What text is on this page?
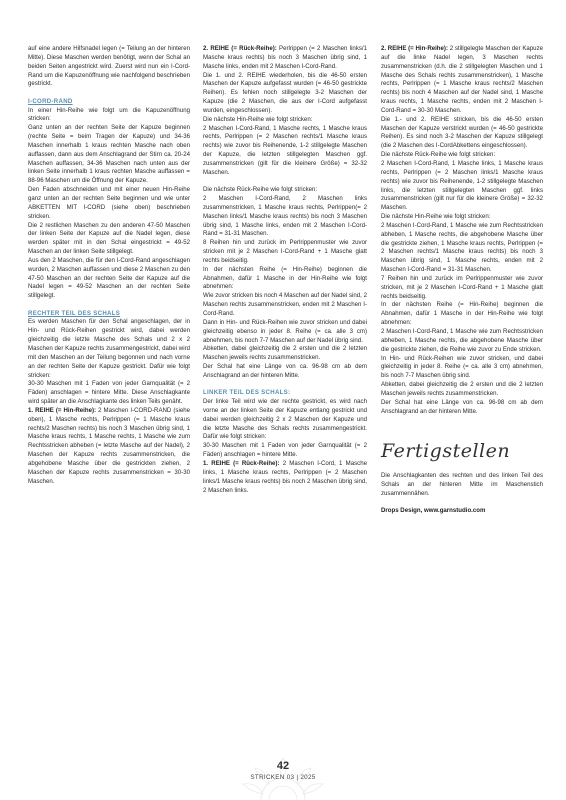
auf eine andere Hilfsnadel legen (= Teilung an der hinteren Mitte). Diese Maschen werden benötigt, wenn der Schal an beiden Seiten angestrickt wird. Zuerst wird nun ein I-Cord-Rand um die Kapuzenöffnung wie nachfolgend beschrieben gestrickt.

I-CORD-RAND

In einer Hin-Reihe wie folgt um die Kapuzenöffnung stricken:

Ganz unten an der rechten Seite der Kapuze beginnen (rechte Seite = beim Tragen der Kapuze) und 34-36 Maschen innerhalb 1 kraus rechten Masche nach oben auffassen, dann aus dem Anschlagrand der Stirn ca. 20-24 Maschen auffassen, 34-36 Maschen nach unten aus der linken Seite innerhalb 1 kraus rechten Masche auffassen = 88-96 Maschen um die Öffnung der Kapuze.

Den Faden abschneiden und mit einer neuen Hin-Reihe ganz unten an der rechten Seite beginnen und wie unter ABKETTEN MIT I-CORD (siehe oben) beschrieben stricken.

Die 2 restlichen Maschen zu den anderen 47-50 Maschen der linken Seite der Kapuze auf die Nadel legen, diese werden später mit in den Schal eingestrickt = 49-52 Maschen an der linken Seite stillgelegt.

Aus den 2 Maschen, die für den I-Cord-Rand angeschlagen wurden, 2 Maschen auffassen und diese 2 Maschen zu den 47-50 Maschen an der rechten Seite der Kapuze auf die Nadel legen = 49-52 Maschen an der rechten Seite stillgelegt.

RECHTER TEIL DES SCHALS

Es werden Maschen für den Schal angeschlagen, der in Hin- und Rück-Reihen gestrickt wird, dabei werden gleichzeitig die letzte Masche des Schals und 2 x 2 Maschen der Kapuze rechts zusammengestrickt, dabei wird mit den Maschen an der Teilung begonnen und nach vorne an der rechten Seite der Kapuze gestrickt. Dafür wie folgt stricken:

30-30 Maschen mit 1 Faden von jeder Garnqualität (= 2 Fäden) anschlagen = hintere Mitte. Diese Anschlagkante wird später an die Anschlagkante des linken Teils genäht.

1. REIHE (= Hin-Reihe): 2 Maschen I-CORD-RAND (siehe oben), 1 Masche rechts, Perlrippen (= 1 Masche kraus rechts/2 Maschen rechts) bis noch 3 Maschen übrig sind, 1 Masche kraus rechts, 1 Masche rechts, 1 Masche wie zum Rechtsstricken abheben (= letzte Masche auf der Nadel), 2 Maschen der Kapuze rechts zusammenstricken, die abgehobene Masche über die gestrickten ziehen, 2 Maschen der Kapuze rechts zusammenstricken = 30-30 Maschen.

2. REIHE (= Rück-Reihe): Perlrippen (= 2 Maschen links/1 Masche kraus rechts) bis noch 3 Maschen übrig sind, 1 Masche links, enden mit 2 Maschen I-Cord-Rand.

Die 1. und 2. REIHE wiederholen, bis die 46-50 ersten Maschen der Kapuze aufgefasst wurden (= 46-50 gestrickte Reihen). Es fehlen noch stillgelegte 3-2 Maschen der Kapuze (die 2 Maschen, die aus der I-Cord aufgefasst wurden, eingeschlossen).

Die nächste Hin-Reihe wie folgt stricken:

2 Maschen I-Cord-Rand, 1 Masche rechts, 1 Masche kraus rechts, Perlrippen (= 2 Maschen rechts/1 Masche kraus rechts) wie zuvor bis Reihenende, 1-2 stillgelegte Maschen der Kapuze, die letzten stillgelegten Maschen ggf. zusammenstricken (gilt für die kleinere Größe) = 32-32 Maschen.

Die nächste Rück-Reihe wie folgt stricken:

2 Maschen I-Cord-Rand, 2 Maschen links zusammenstricken, 1 Masche kraus rechts, Perlrippen(= 2 Maschen links/1 Masche kraus rechts) bis noch 3 Maschen übrig sind, 1 Masche links, enden mit 2 Maschen I-Cord-Rand = 31-31 Maschen.

8 Reihen hin und zurück im Perlrippenmuster wie zuvor stricken mit je 2 Maschen I-Cord-Rand + 1 Masche glatt rechts beidseitig.

In der nächsten Reihe (= Hin-Reihe) beginnen die Abnahmen, dafür 1 Masche in der Hin-Reihe wie folgt abnehmen:

Wie zuvor stricken bis noch 4 Maschen auf der Nadel sind, 2 Maschen rechts zusammenstricken, enden mit 2 Maschen I-Cord-Rand.

Dann in Hin- und Rück-Reihen wie zuvor stricken und dabei gleichzeitig ebenso in jeder 8. Reihe (= ca. alle 3 cm) abnehmen, bis noch 7-7 Maschen auf der Nadel übrig sind.

Abketten, dabei gleichzeitig die 2 ersten und die 2 letzten Maschen jeweils rechts zusammenstricken.

Der Schal hat eine Länge von ca. 96-98 cm ab dem Anschlagrand an der hinteren Mitte.

LINKER TEIL DES SCHALS:

Der linke Teil wird wie der rechte gestrickt, es wird nach vorne an der linken Seite der Kapuze entlang gestrickt und dabei werden gleichzeitig 2 x 2 Maschen der Kapuze und die letzte Masche des Schals rechts zusammengestrickt. Dafür wie folgt stricken:

30-30 Maschen mit 1 Faden von jeder Garnqualität (= 2 Fäden) anschlagen = hintere Mitte.

1. REIHE (= Rück-Reihe): 2 Maschen I-Cord, 1 Masche links, 1 Masche kraus rechts, Perlrippen (= 2 Maschen links/1 Masche kraus rechts) bis noch 2 Maschen übrig sind, 2 Maschen links.

2. REIHE (= Hin-Reihe): 2 stillgelegte Maschen der Kapuze auf die linke Nadel legen, 3 Maschen rechts zusammenstricken (d.h. die 2 stillgelegten Maschen und 1 Masche des Schals rechts zusammenstricken), 1 Masche rechts, Perlrippen (= 1 Masche kraus rechts/2 Maschen rechts) bis noch 4 Maschen auf der Nadel sind, 1 Masche kraus rechts, 1 Masche rechts, enden mit 2 Maschen I-Cord-Rand = 30-30 Maschen.

Die 1.- und 2. REIHE stricken, bis die 46-50 ersten Maschen der Kapuze verstrickt wurden (= 46-50 gestrickte Reihen). Es sind noch 3-2 Maschen der Kapuze stillgelegt (die 2 Maschen des I-CordAbkettens eingeschlossen).

Die nächste Rück-Reihe wie folgt stricken:

2 Maschen I-Cord-Rand, 1 Masche links, 1 Masche kraus rechts, Perlrippen (= 2 Maschen links/1 Masche kraus rechts) wie zuvor bis Reihenende, 1-2 stillgelegte Maschen links, die letzten stillgelegten Maschen ggf. links zusammenstricken (gilt nur für die kleinere Größe) = 32-32 Maschen.

Die nächste Hin-Reihe wie folgt stricken:

2 Maschen I-Cord-Rand, 1 Masche wie zum Rechtsstricken abheben, 1 Masche rechts, die abgehobene Masche über die gestrickte ziehen, 1 Masche kraus rechts, Perlrippen (= 2 Maschen rechts/1 Masche kraus rechts) bis noch 3 Maschen übrig sind, 1 Masche rechts, enden mit 2 Maschen I-Cord-Rand = 31-31 Maschen.

7 Reihen hin und zurück im Perlrippenmuster wie zuvor stricken, mit je 2 Maschen I-Cord-Rand + 1 Masche glatt rechts beidseitig.

In der nächsten Reihe (= Hin-Reihe) beginnen die Abnahmen, dafür 1 Masche in der Hin-Reihe wie folgt abnehmen:

2 Maschen I-Cord-Rand, 1 Masche wie zum Rechtsstricken abheben, 1 Masche rechts, die abgehobene Masche über die gestrickte ziehen, die Reihe wie zuvor zu Ende stricken.

In Hin- und Rück-Reihen wie zuvor stricken, und dabei gleichzeitig in jeder 8. Reihe (= ca. alle 3 cm) abnehmen, bis noch 7-7 Maschen übrig sind.

Abketten, dabei gleichzeitig die 2 ersten und die 2 letzten Maschen jeweils rechts zusammenstricken.

Der Schal hat eine Länge von ca. 96-98 cm ab dem Anschlagrand an der hinteren Mitte.

Fertigstellen

Die Anschlagkanten des rechten und des linken Teil des Schals an der hinteren Mitte im Maschenstich zusammennähen.

Drops Design, www.garnstudio.com

42
STRICKEN 03 | 2025
